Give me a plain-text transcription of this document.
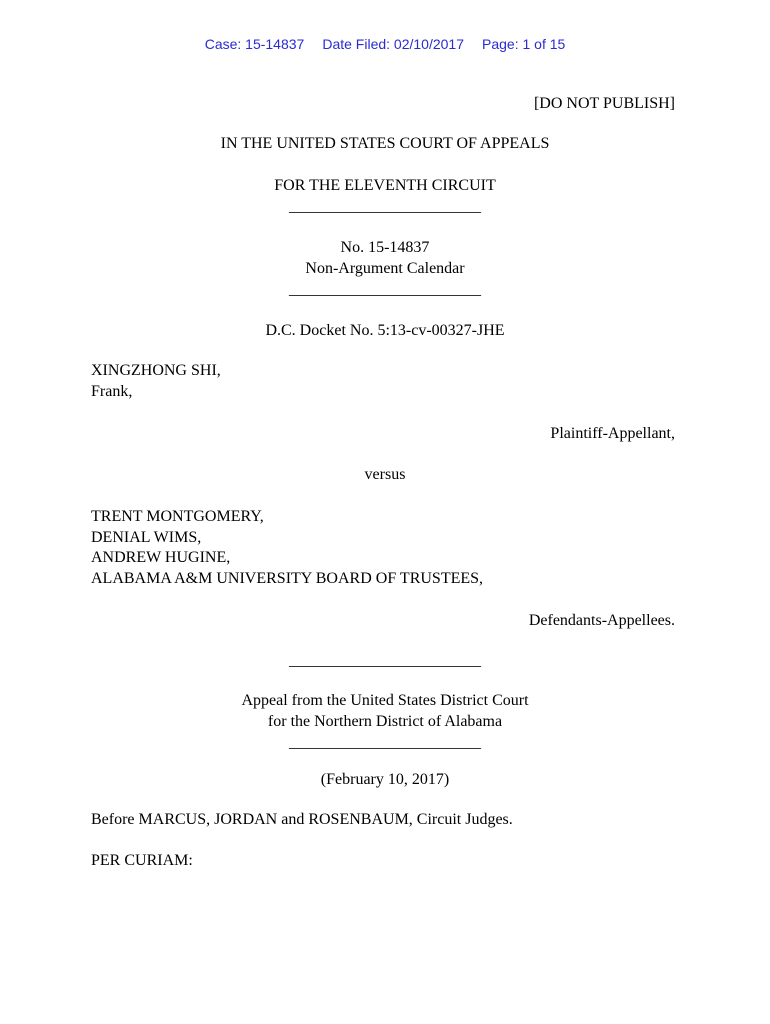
Case: 15-14837 Date Filed: 02/10/2017 Page: 1 of 15
[DO NOT PUBLISH]
IN THE UNITED STATES COURT OF APPEALS
FOR THE ELEVENTH CIRCUIT
________________________
No. 15-14837
Non-Argument Calendar
________________________
D.C. Docket No. 5:13-cv-00327-JHE
XINGZHONG SHI,
Frank,
Plaintiff-Appellant,
versus
TRENT MONTGOMERY,
DENIAL WIMS,
ANDREW HUGINE,
ALABAMA A&M UNIVERSITY BOARD OF TRUSTEES,
Defendants-Appellees.
________________________
Appeal from the United States District Court
for the Northern District of Alabama
________________________
(February 10, 2017)
Before MARCUS, JORDAN and ROSENBAUM, Circuit Judges.
PER CURIAM:
